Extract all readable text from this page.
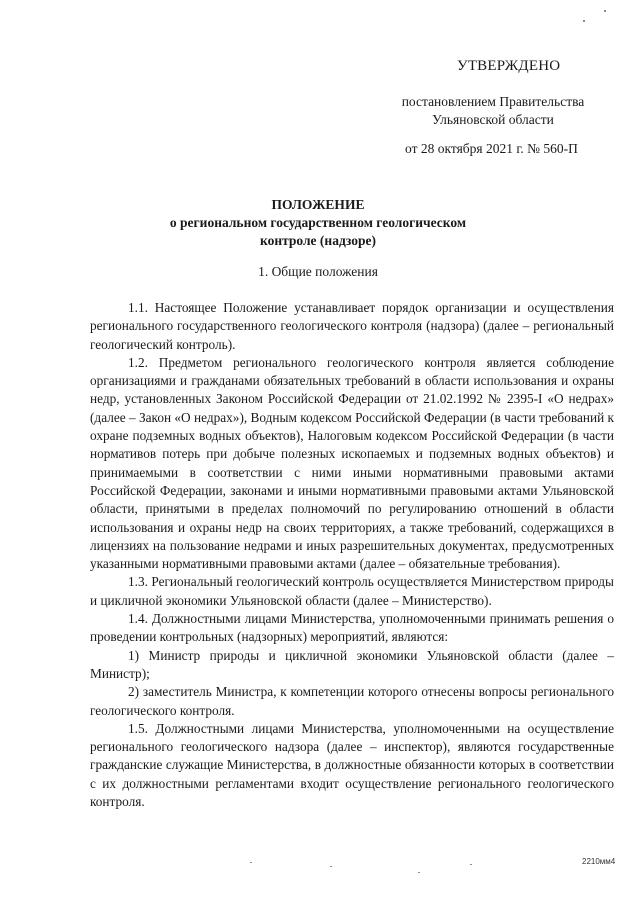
УТВЕРЖДЕНО
постановлением Правительства
Ульяновской области
от 28 октября 2021 г. № 560-П
ПОЛОЖЕНИЕ
о региональном государственном геологическом
контроле (надзоре)
1. Общие положения

1.1. Настоящее Положение устанавливает порядок организации и осуществления регионального государственного геологического контроля (надзора) (далее – региональный геологический контроль).

1.2. Предметом регионального геологического контроля является соблюдение организациями и гражданами обязательных требований в области использования и охраны недр, установленных Законом Российской Федерации от 21.02.1992 № 2395-I «О недрах» (далее – Закон «О недрах»), Водным кодексом Российской Федерации (в части требований к охране подземных водных объектов), Налоговым кодексом Российской Федерации (в части нормативов потерь при добыче полезных ископаемых и подземных водных объектов) и принимаемыми в соответствии с ними иными нормативными правовыми актами Российской Федерации, законами и иными нормативными правовыми актами Ульяновской области, принятыми в пределах полномочий по регулированию отношений в области использования и охраны недр на своих территориях, а также требований, содержащихся в лицензиях на пользование недрами и иных разрешительных документах, предусмотренных указанными нормативными правовыми актами (далее – обязательные требования).

1.3. Региональный геологический контроль осуществляется Министерством природы и цикличной экономики Ульяновской области (далее – Министерство).

1.4. Должностными лицами Министерства, уполномоченными принимать решения о проведении контрольных (надзорных) мероприятий, являются:

1) Министр природы и цикличной экономики Ульяновской области (далее – Министр);

2) заместитель Министра, к компетенции которого отнесены вопросы регионального геологического контроля.

1.5. Должностными лицами Министерства, уполномоченными на осуществление регионального геологического надзора (далее – инспектор), являются государственные гражданские служащие Министерства, в должностные обязанности которых в соответствии с их должностными регламентами входит осуществление регионального геологического контроля.

2210мм4
